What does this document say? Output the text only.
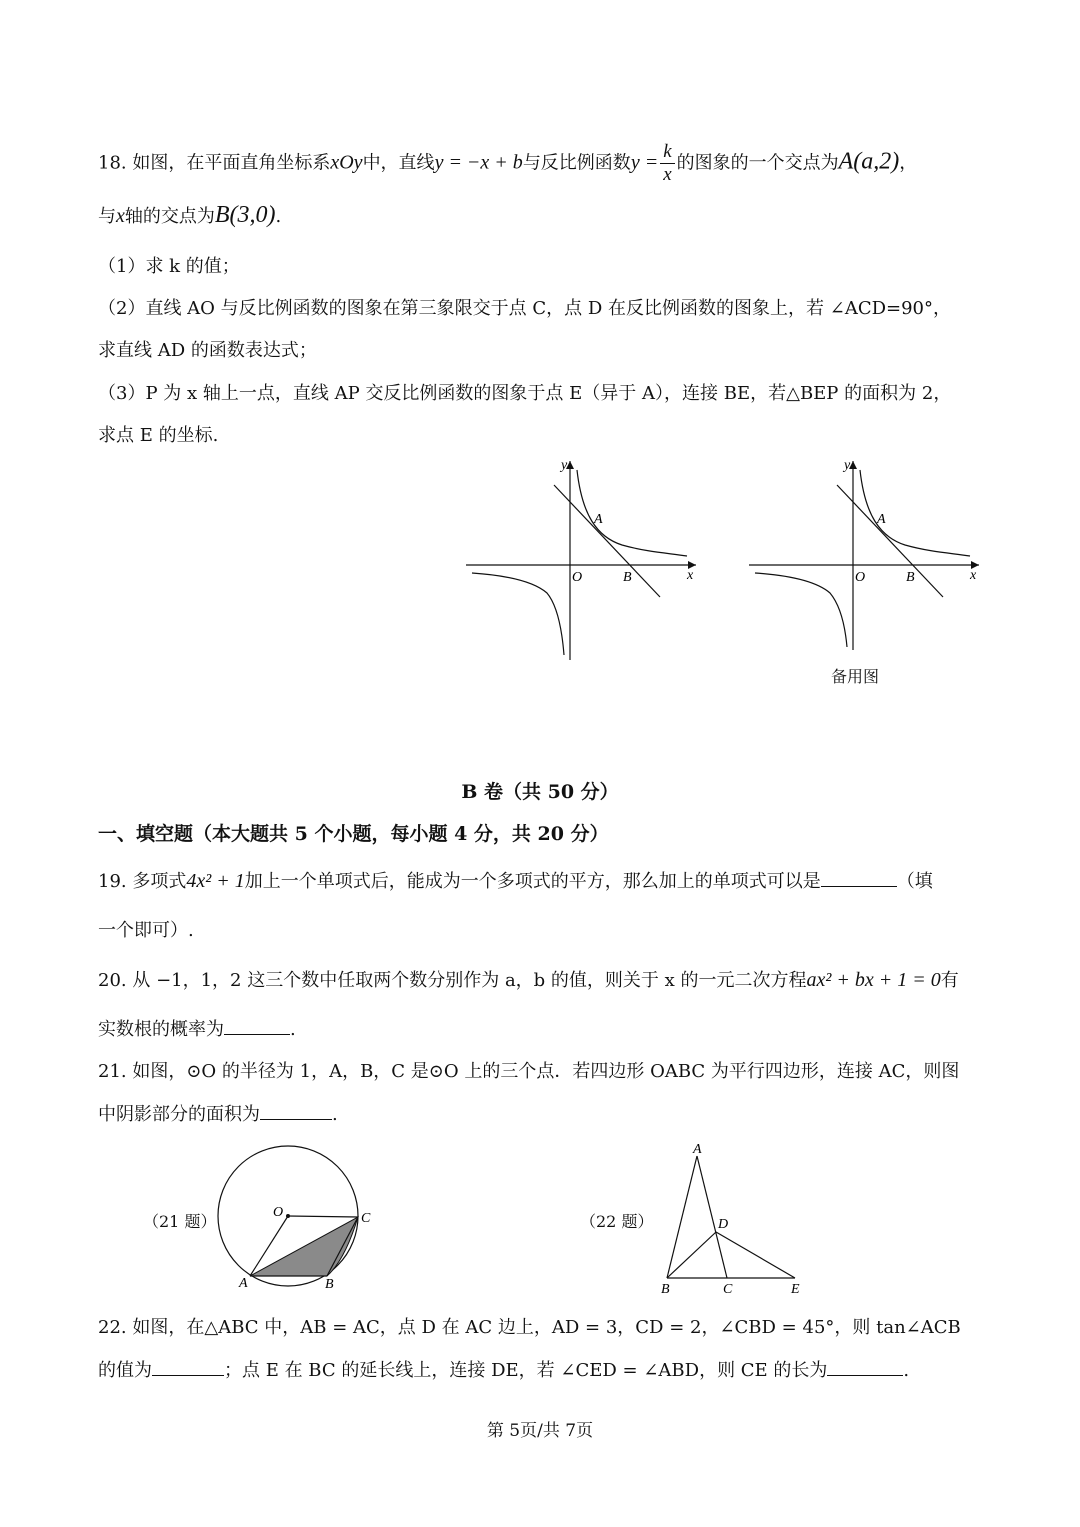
18. 如图，在平面直角坐标系xOy中，直线y = −x + b与反比例函数$y = \frac{k}{x}$ 的图象的一个交点为A(a,2)，
与x轴的交点为B(3,0).
（1）求 k 的值；
（2）直线 AO 与反比例函数的图象在第三象限交于点 C，点 D 在反比例函数的图象上，若 ∠ACD=90°，
求直线 AD 的函数表达式；
（3）P 为 x 轴上一点，直线 AP 交反比例函数的图象于点 E（异于 A），连接 BE，若△BEP 的面积为 2，
求点 E 的坐标.
y
x
A
O	B
y
x
A
O	B
备用图
B 卷（共 50 分）
一、填空题（本大题共 5 个小题，每小题 4 分，共 20 分）
19. 多项式4x² + 1加上一个单项式后，能成为一个多项式的平方，那么加上的单项式可以是	（填
一个即可）.
20. 从 −1，1，2 这三个数中任取两个数分别作为 a，b 的值，则关于 x 的一元二次方程ax² + bx + 1 = 0有
实数根的概率为	.
21. 如图，⊙O 的半径为 1，A，B，C 是⊙O 上的三个点．若四边形 OABC 为平行四边形，连接 AC，则图
中阴影部分的面积为	.
（21 题）	O	C
A	B
（22 题）
A
D
B	C	E
22. 如图，在△ABC 中，AB = AC，点 D 在 AC 边上，AD = 3，CD = 2，∠CBD = 45°，则 tan∠ACB
的值为	；点 E 在 BC 的延长线上，连接 DE，若 ∠CED = ∠ABD，则 CE 的长为	.
第 5页/共 7页
